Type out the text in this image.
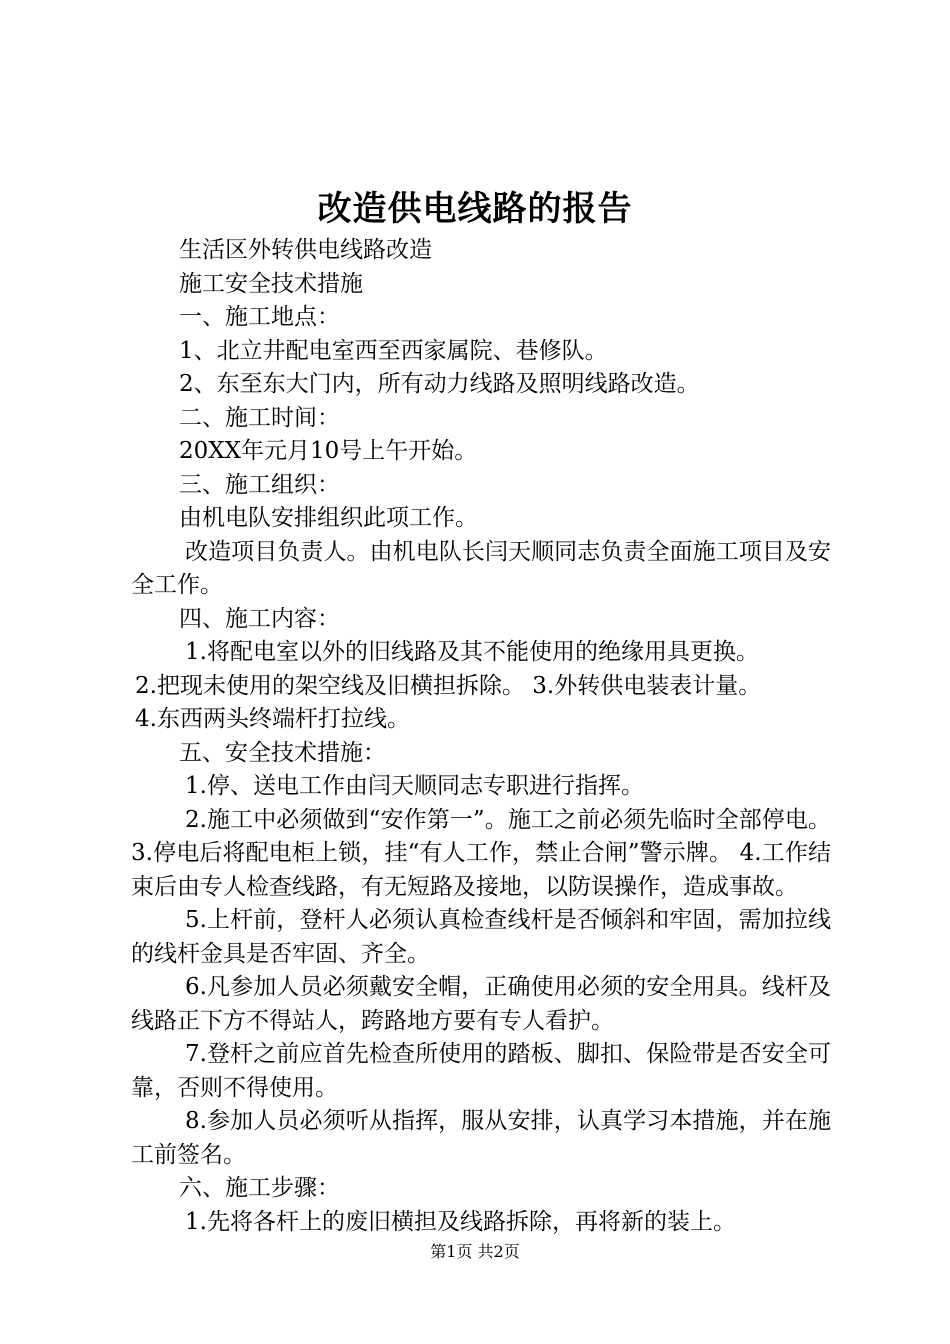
改造供电线路的报告

生活区外转供电线路改造

施工安全技术措施

一、施工地点：

1、北立井配电室西至西家属院、巷修队。

2、东至东大门内，所有动力线路及照明线路改造。

二、施工时间：

20XX年元月10号上午开始。

三、施工组织：

由机电队安排组织此项工作。

改造项目负责人。由机电队长闫天顺同志负责全面施工项目及安全工作。

四、施工内容：

1.将配电室以外的旧线路及其不能使用的绝缘用具更换。

2.把现未使用的架空线及旧横担拆除。 3.外转供电装表计量。

4.东西两头终端杆打拉线。

五、安全技术措施：

1.停、送电工作由闫天顺同志专职进行指挥。

2.施工中必须做到“安作第一”。施工之前必须先临时全部停电。 3.停电后将配电柜上锁，挂“有人工作，禁止合闸”警示牌。 4.工作结束后由专人检查线路，有无短路及接地，以防误操作，造成事故。

5.上杆前，登杆人必须认真检查线杆是否倾斜和牢固，需加拉线的线杆金具是否牢固、齐全。

6.凡参加人员必须戴安全帽，正确使用必须的安全用具。线杆及线路正下方不得站人，跨路地方要有专人看护。

7.登杆之前应首先检查所使用的踏板、脚扣、保险带是否安全可靠，否则不得使用。

8.参加人员必须听从指挥，服从安排，认真学习本措施，并在施工前签名。

六、施工步骤：

1.先将各杆上的废旧横担及线路拆除，再将新的装上。

第1页 共2页
